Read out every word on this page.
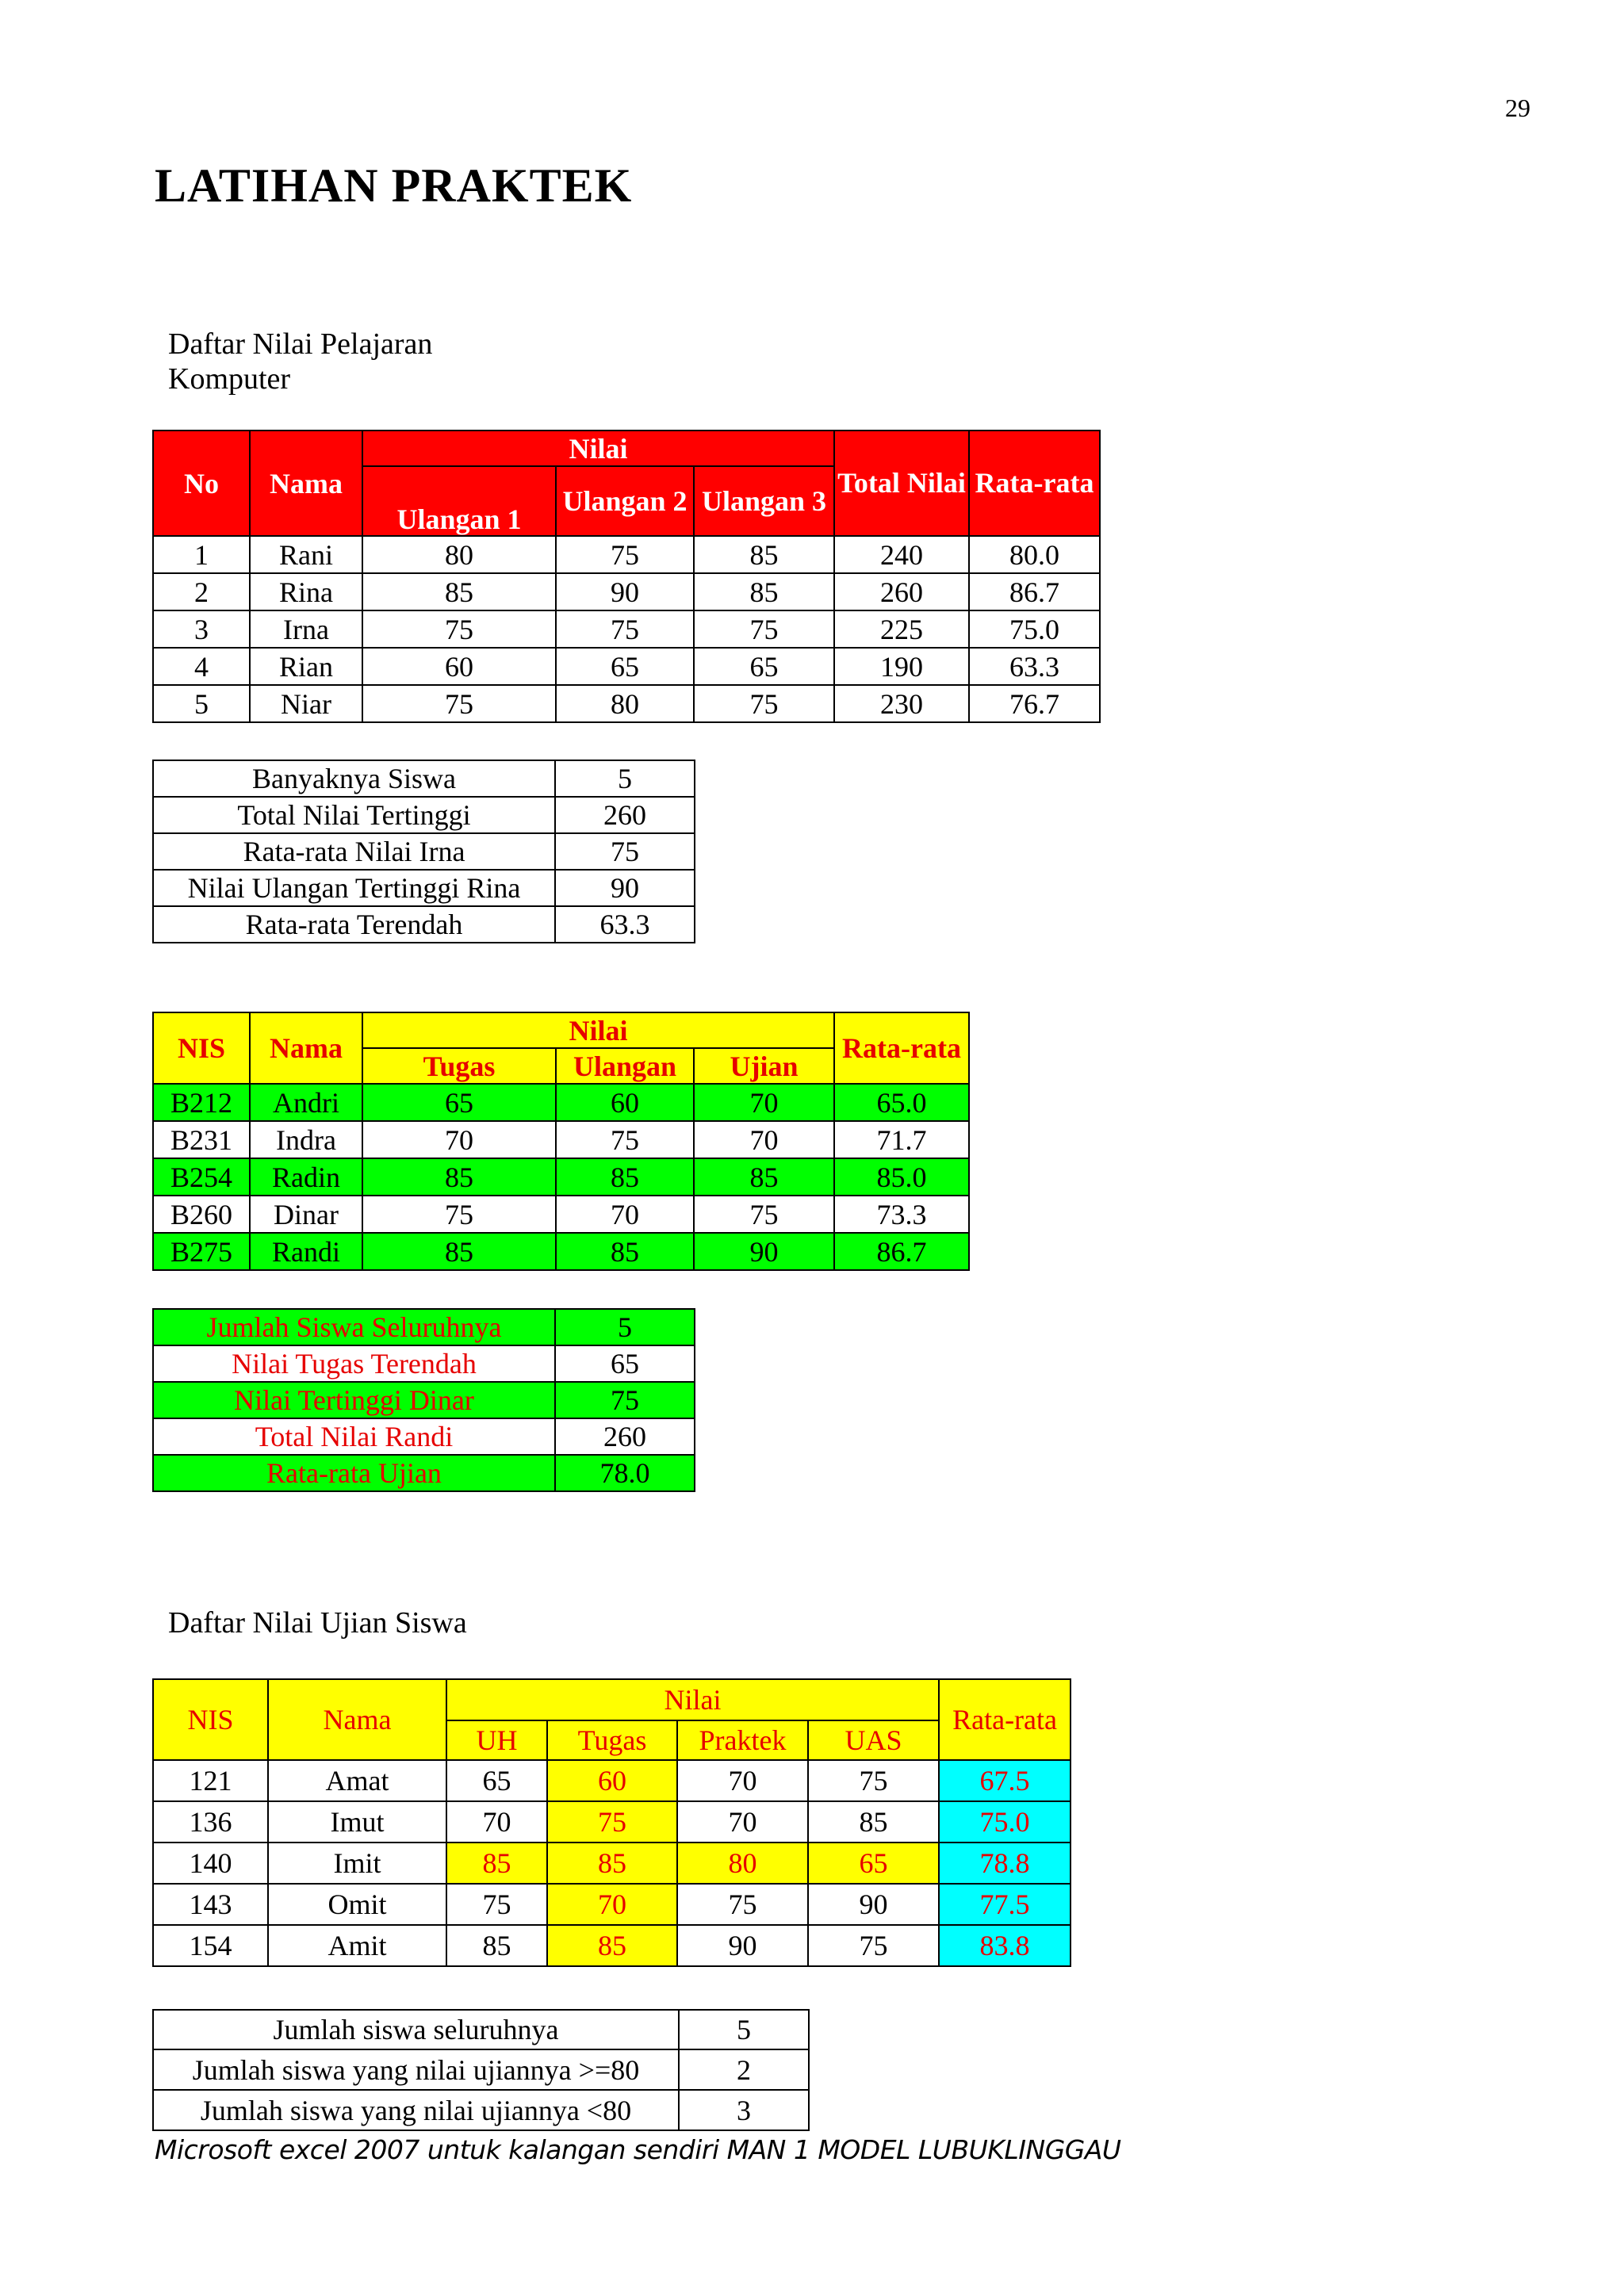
29
LATIHAN PRAKTEK
Daftar Nilai Pelajaran
Komputer
No	Nama	Nilai			Total Nilai	Rata-rata
		Ulangan 1	Ulangan 2	Ulangan 3		
1	Rani	80	75	85	240	80.0
2	Rina	85	90	85	260	86.7
3	Irna	75	75	75	225	75.0
4	Rian	60	65	65	190	63.3
5	Niar	75	80	75	230	76.7
Banyaknya Siswa	5
Total Nilai Tertinggi	260
Rata-rata Nilai Irna	75
Nilai Ulangan Tertinggi Rina	90
Rata-rata Terendah	63.3
NIS	Nama	Nilai			Rata-rata
		Tugas	Ulangan	Ujian	
B212	Andri	65	60	70	65.0
B231	Indra	70	75	70	71.7
B254	Radin	85	85	85	85.0
B260	Dinar	75	70	75	73.3
B275	Randi	85	85	90	86.7
Jumlah Siswa Seluruhnya	5
Nilai Tugas Terendah	65
Nilai Tertinggi Dinar	75
Total Nilai Randi	260
Rata-rata Ujian	78.0
Daftar Nilai Ujian Siswa
NIS	Nama	Nilai				Rata-rata
		UH	Tugas	Praktek	UAS	
121	Amat	65	60	70	75	67.5
136	Imut	70	75	70	85	75.0
140	Imit	85	85	80	65	78.8
143	Omit	75	70	75	90	77.5
154	Amit	85	85	90	75	83.8
Jumlah siswa seluruhnya	5
Jumlah siswa yang nilai ujiannya >=80	2
Jumlah siswa yang nilai ujiannya <80	3
Microsoft excel 2007 untuk kalangan sendiri MAN 1 MODEL LUBUKLINGGAU
